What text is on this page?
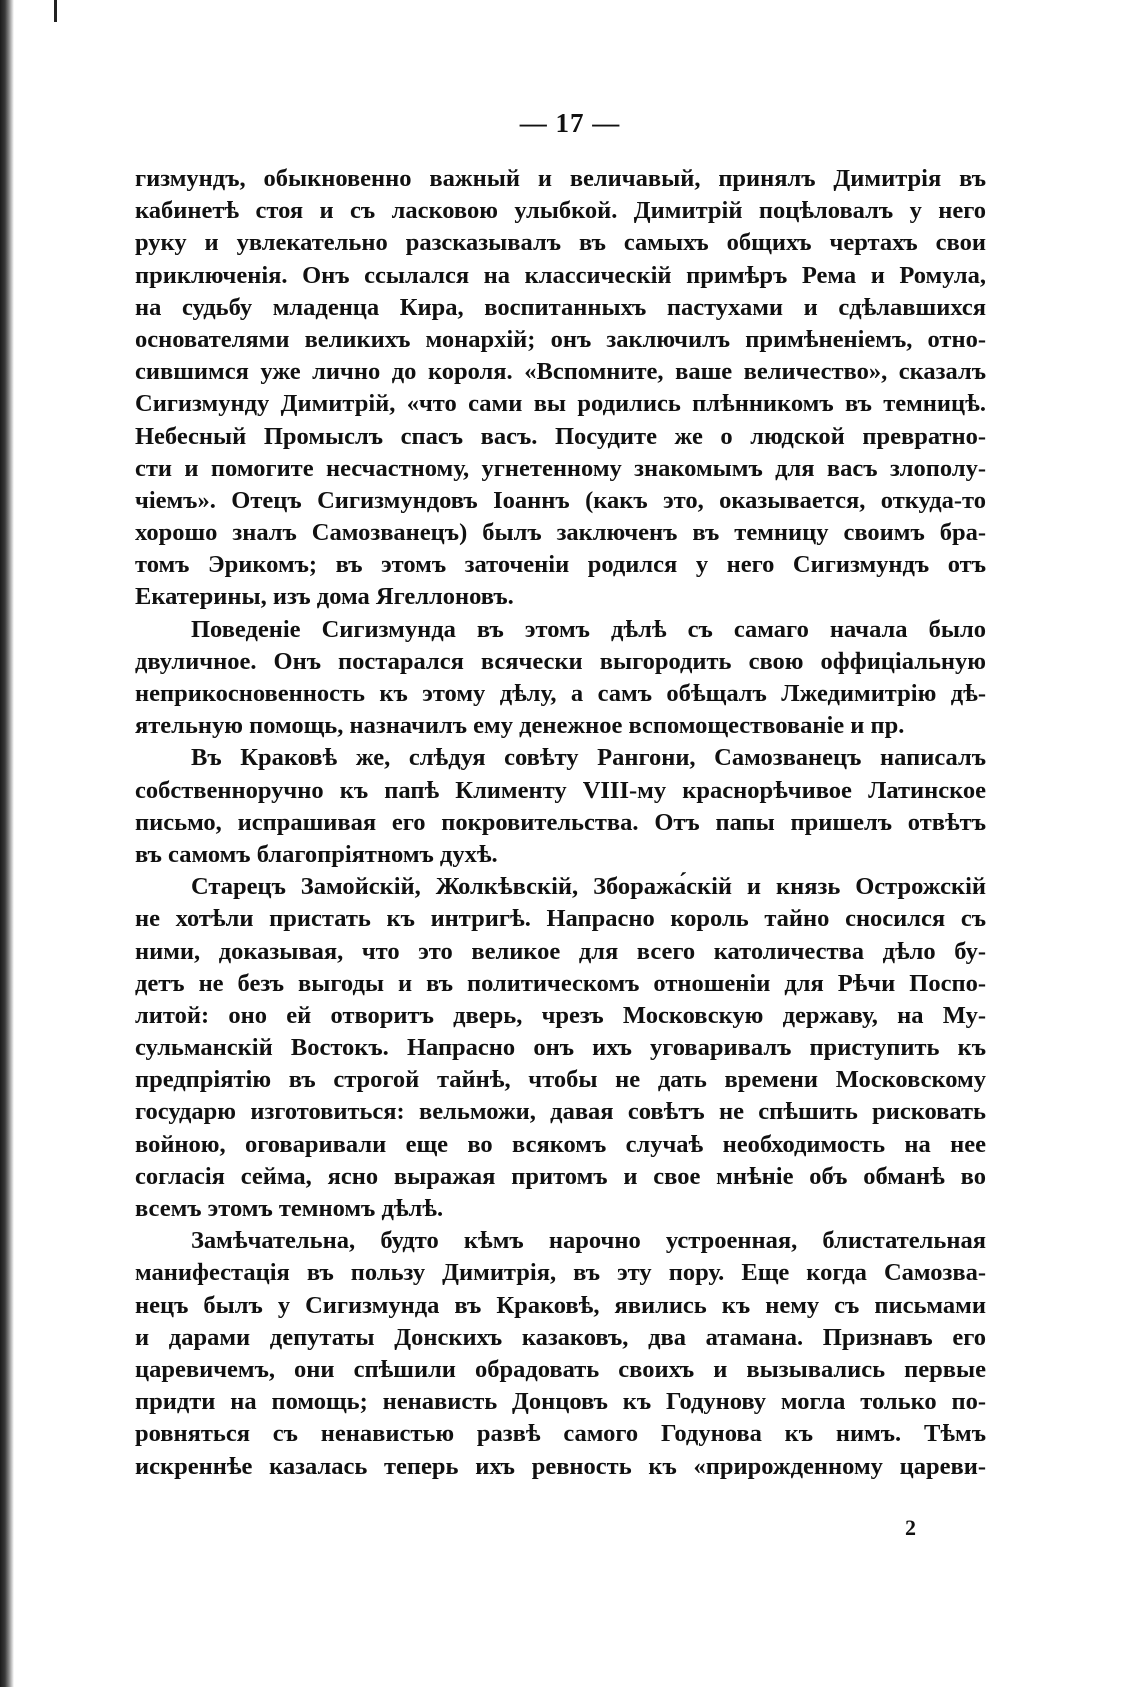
— 17 —
гизмундъ, обыкновенно важный и величавый, принялъ Димитрія въ
кабинетѣ стоя и съ ласковою улыбкой. Димитрій поцѣловалъ у него
руку и увлекательно разсказывалъ въ самыхъ общихъ чертахъ свои
приключенія. Онъ ссылался на классическій примѣръ Рема и Ромула,
на судьбу младенца Кира, воспитанныхъ пастухами и сдѣлавшихся
основателями великихъ монархій; онъ заключилъ примѣненіемъ, отно-
сившимся уже лично до короля. «Вспомните, ваше величество», сказалъ
Сигизмунду Димитрій, «что сами вы родились плѣнникомъ въ темницѣ.
Небесный Промыслъ спасъ васъ. Посудите же о людской превратно-
сти и помогите несчастному, угнетенному знакомымъ для васъ злополу-
чіемъ». Отецъ Сигизмундовъ Іоаннъ (какъ это, оказывается, откуда-то
хорошо зналъ Самозванецъ) былъ заключенъ въ темницу своимъ бра-
томъ Эрикомъ; въ этомъ заточеніи родился у него Сигизмундъ отъ
Екатерины, изъ дома Ягеллоновъ.
Поведеніе Сигизмунда въ этомъ дѣлѣ съ самаго начала было
двуличное. Онъ постарался всячески выгородить свою оффиціальную
неприкосновенность къ этому дѣлу, а самъ обѣщалъ Лжедимитрію дѣ-
ятельную помощь, назначилъ ему денежное вспомоществованіе и пр.
Въ Краковѣ же, слѣдуя совѣту Рангони, Самозванецъ написалъ
собственноручно къ папѣ Клименту VIII-му краснорѣчивое Латинское
письмо, испрашивая его покровительства. Отъ папы пришелъ отвѣтъ
въ самомъ благопріятномъ духѣ.
Старецъ Замойскій, Жолкѣвскій, Збоража́скій и князь Острожскій
не хотѣли пристать къ интригѣ. Напрасно король тайно сносился съ
ними, доказывая, что это великое для всего католичества дѣло бу-
детъ не безъ выгоды и въ политическомъ отношеніи для Рѣчи Поспо-
литой: оно ей отворитъ дверь, чрезъ Московскую державу, на Му-
сульманскій Востокъ. Напрасно онъ ихъ уговаривалъ приступить къ
предпріятію въ строгой тайнѣ, чтобы не дать времени Московскому
государю изготовиться: вельможи, давая совѣтъ не спѣшить рисковать
войною, оговаривали еще во всякомъ случаѣ необходимость на нее
согласія сейма, ясно выражая притомъ и свое мнѣніе объ обманѣ во
всемъ этомъ темномъ дѣлѣ.
Замѣчательна, будто кѣмъ нарочно устроенная, блистательная
манифестація въ пользу Димитрія, въ эту пору. Еще когда Самозва-
нецъ былъ у Сигизмунда въ Краковѣ, явились къ нему съ письмами
и дарами депутаты Донскихъ казаковъ, два атамана. Признавъ его
царевичемъ, они спѣшили обрадовать своихъ и вызывались первые
придти на помощь; ненависть Донцовъ къ Годунову могла только по-
ровняться съ ненавистью развѣ самого Годунова къ нимъ. Тѣмъ
искреннѣе казалась теперь ихъ ревность къ «прирожденному цареви-
2
